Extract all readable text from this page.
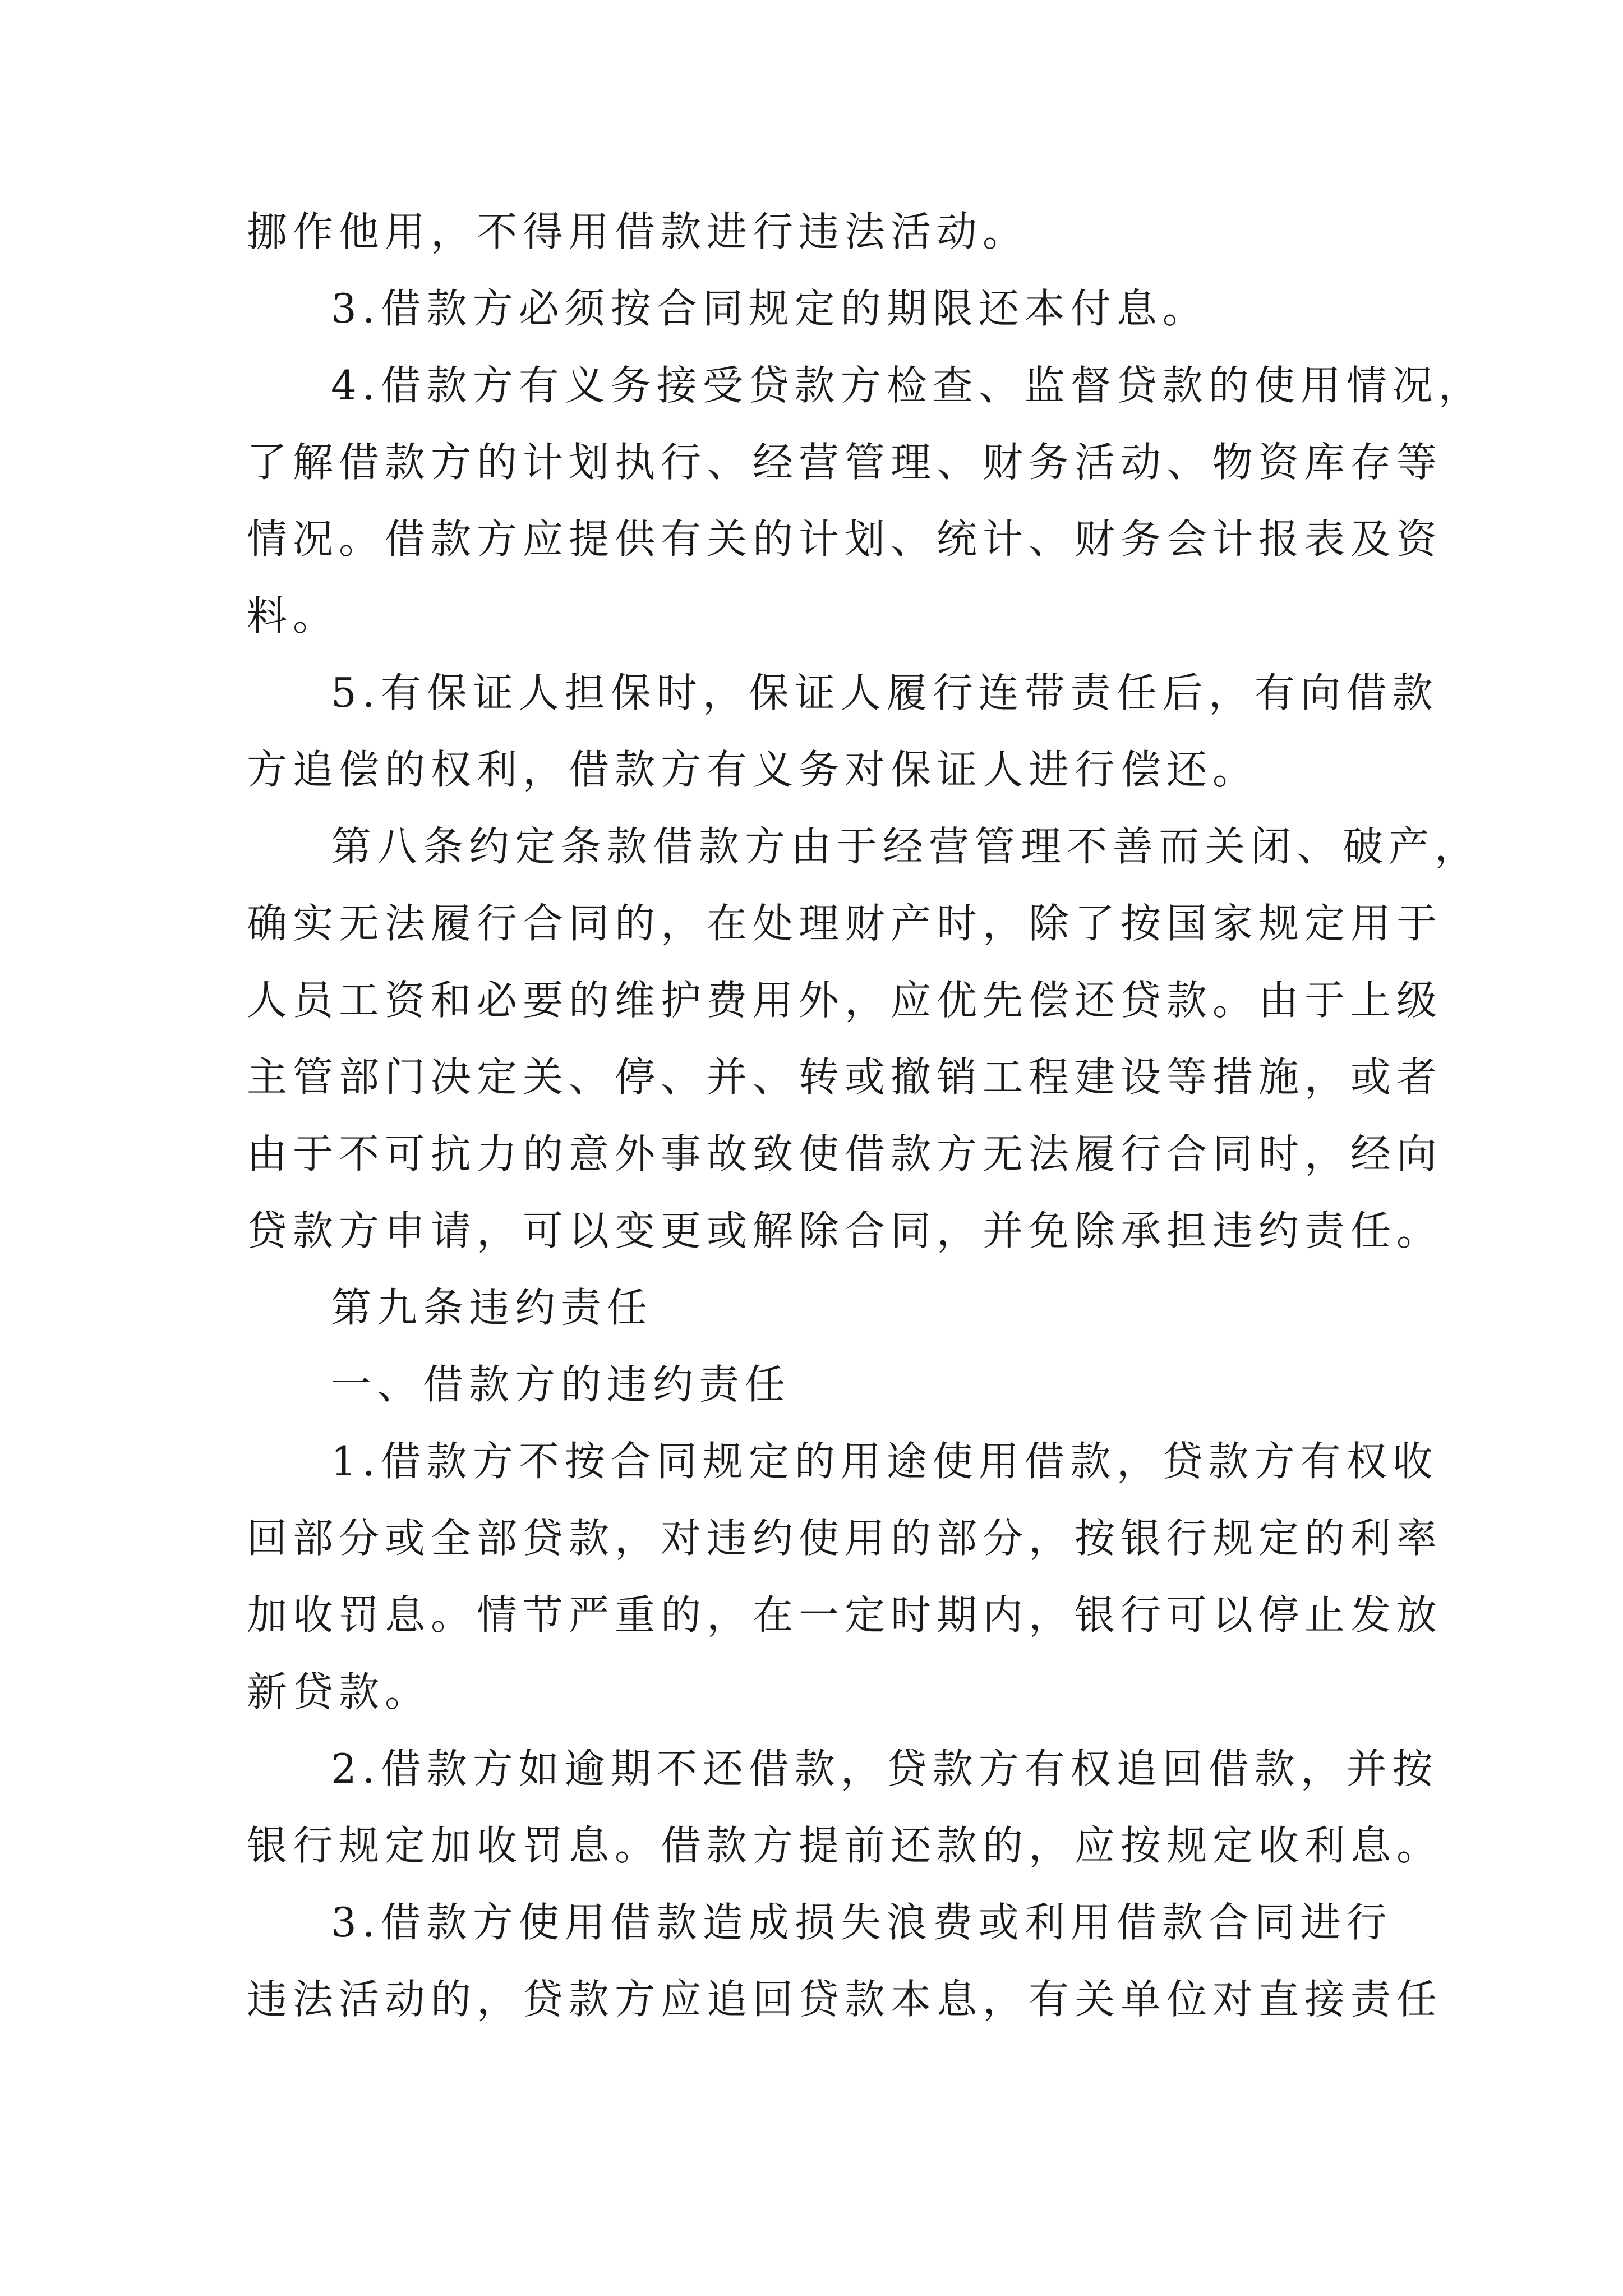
挪作他用，不得用借款进行违法活动。
3.借款方必须按合同规定的期限还本付息。
4.借款方有义务接受贷款方检查、监督贷款的使用情况，
了解借款方的计划执行、经营管理、财务活动、物资库存等
情况。借款方应提供有关的计划、统计、财务会计报表及资
料。
5.有保证人担保时，保证人履行连带责任后，有向借款
方追偿的权利，借款方有义务对保证人进行偿还。
第八条约定条款借款方由于经营管理不善而关闭、破产，
确实无法履行合同的，在处理财产时，除了按国家规定用于
人员工资和必要的维护费用外，应优先偿还贷款。由于上级
主管部门决定关、停、并、转或撤销工程建设等措施，或者
由于不可抗力的意外事故致使借款方无法履行合同时，经向
贷款方申请，可以变更或解除合同，并免除承担违约责任。
第九条违约责任
一、借款方的违约责任
1.借款方不按合同规定的用途使用借款，贷款方有权收
回部分或全部贷款，对违约使用的部分，按银行规定的利率
加收罚息。情节严重的，在一定时期内，银行可以停止发放
新贷款。
2.借款方如逾期不还借款，贷款方有权追回借款，并按
银行规定加收罚息。借款方提前还款的，应按规定收利息。
3.借款方使用借款造成损失浪费或利用借款合同进行
违法活动的，贷款方应追回贷款本息，有关单位对直接责任
